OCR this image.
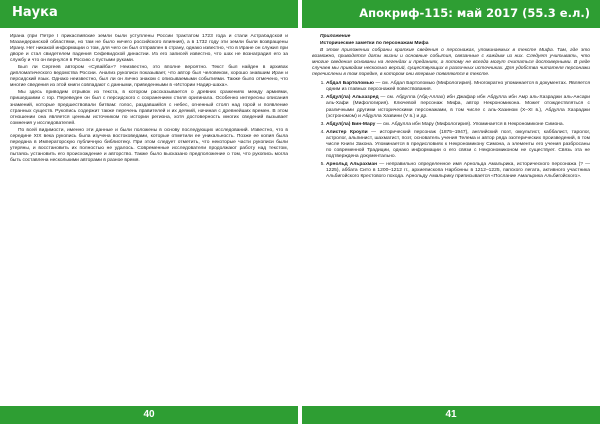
Наука

Ирана (при Петре I прикаспийские земли были уступлены России трактатом 1723 года и стали Астрабадской и Мазандеранской областями, но там не было ничего российского влияния), а в 1732 году эти земли были возвращены Ирану. Нет никакой информации о том, для чего он был отправлен в страну, однако известно, что в Иране он служил при дворе и стал свидетелем падения Сефевидской династии. Из его записей известно, что шах не вознаградил его за службу и что он вернулся в Россию с пустыми руками.

Был ли Сергеев автором «Сувайба»? Неизвестно, это вполне вероятно. Текст был найден в архивах дипломатического ведомства России. Анализ рукописи показывает, что автор был человеком, хорошо знавшим Иран и персидский язык. Однако неизвестно, был ли он лично знаком с описываемыми событиями. Также было отмечено, что многие сведения из этой книги совпадают с данными, приведенными в «Истории Надир-шаха».

Мы здесь приводим отрывок из текста, в котором рассказывается о древних сражениях между армиями, пришедшими с гор. Переведен он был с персидского с сохранением стиля оригинала. Особенно интересны описания знамений, которые предшествовали битвам: голос, раздавшийся с небес, огненный столп над горой и появление странных существ. Рукопись содержит также перечень правителей и их деяний, начиная с древнейших времен. В этом отношении она является ценным источником по истории региона, хотя достоверность многих сведений вызывает сомнения у исследователей.

По всей видимости, именно эти данные и были положены в основу последующих исследований. Известно, что в середине XIX века рукопись была изучена востоковедами, которые отметили ее уникальность. Позже ее копия была передана в Императорскую публичную библиотеку. При этом следует отметить, что некоторые части рукописи были утеряны, и восстановить их полностью не удалось. Современные исследователи продолжают работу над текстом, пытаясь установить его происхождение и авторство. Также было высказано предположение о том, что рукопись могла быть составлена несколькими авторами в разное время.

40
Апокриф-115: май 2017 (55.3 е.л.)

Приложение

Исторические заметки по персонажам Мифа

В этом приложении собраны краткие сведения о персонажах, упоминаемых в тексте Мифа. Там, где это возможно, приводятся даты жизни и основные события, связанные с каждым из них. Следует учитывать, что многие сведения основаны на легендах и преданиях, а потому не всегда могут считаться достоверными. В ряде случаев мы приводим несколько версий, существующих в различных источниках. Для удобства читателя персонажи перечислены в том порядке, в котором они впервые появляются в тексте.

1. Абдал Бартоломью — см. Абдал Бартоломью (Мифологирия). Многократно упоминается в документах. Является одним из главных персонажей повествования.
2. Абдул(ла) Альхазред — см. Абдулла (Абд-Аллах) ибн Джафар ибн Абдулла ибн Амр аль-Хазраджи аль-Ансари аль-Хафи (Мифологирия). Ключевой персонаж Мифа, автор Некрономикона. Может отождествляться с различными другими историческими персонажами, в том числе с аль-Хазином (Х–XI в.), Абдулла Хазраджи (эстрономом) и Абдулла Хазвини (V в.) и др.
3. Абдул(ла) Бин-Мару — см. Абдулла ибн Мару (Мифологирия). Упоминается в Некрономиконе Симона.
4. Алистер Кроули — исторический персонаж (1875–1947), английский поэт, оккультист, каббалист, таролог, астролог, альпинист, шахматист, поэт, основатель учения Телема и автор ряда эзотерических произведений, в том числе Книги Закона. Упоминается в предисловиях к Некрономикону Симона, а элементы его учения разбросаны по современной Традиции, однако информации о его связи с Некрономиконом не существует. Связь эта не подтверждена документально.
5. Арнольд Альрахман — неправильно определенное имя Арнольда Амальрика, исторического персонажа (? — 1225), аббата Сито в 1200–1212 гг., архиепископа Нарбонны в 1212–1225, папского легата, активного участника Альбигойского Крестового похода. Арнольду Амальрику приписывается «Послание Амальрика Альбигойского».
41
